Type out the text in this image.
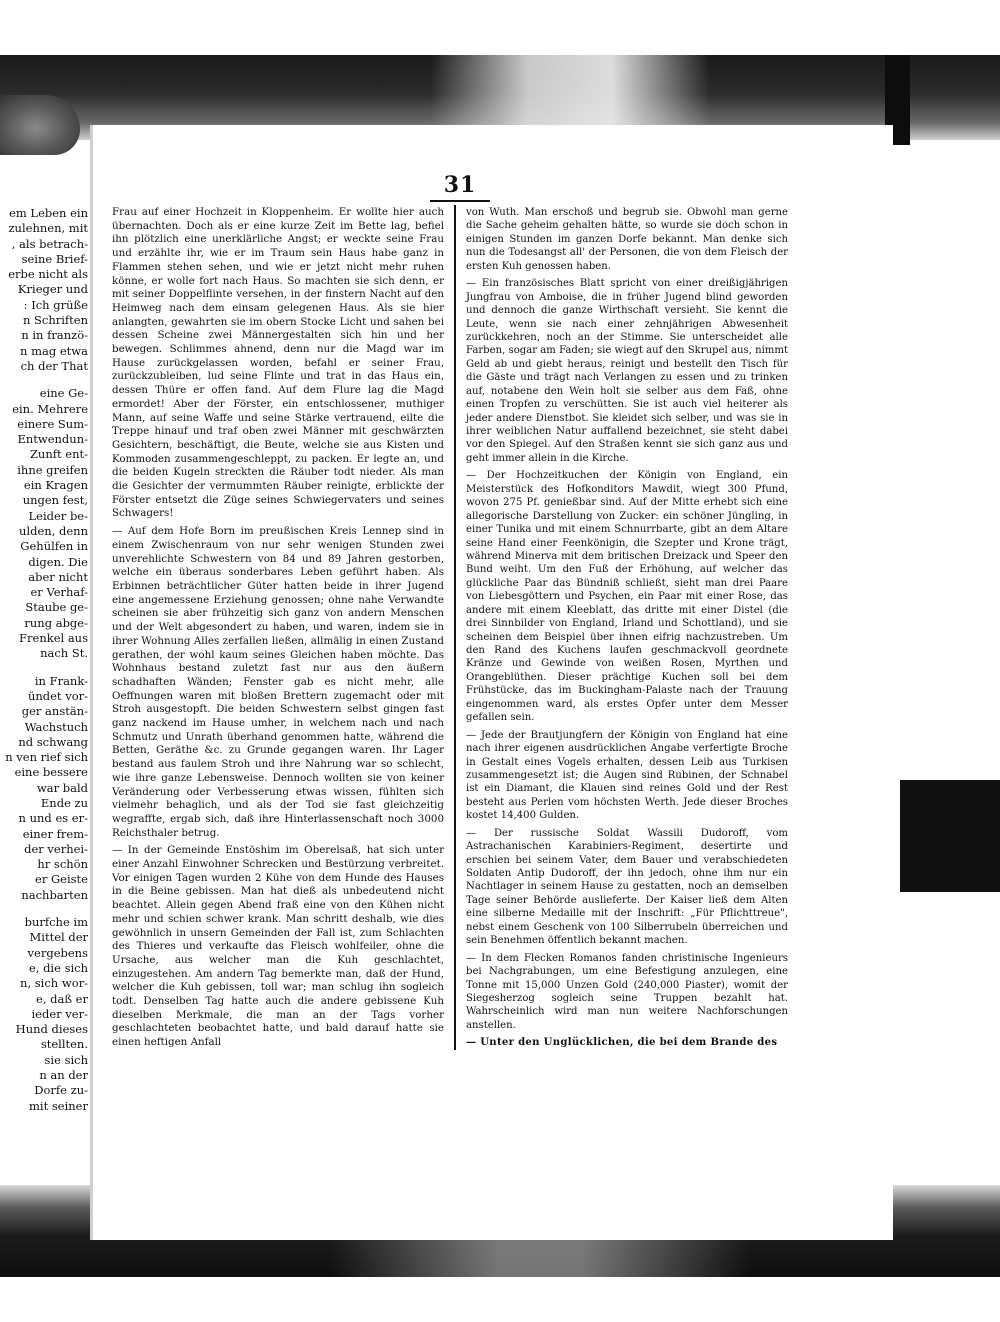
em Leben ein
zulehnen, mit
, als betrach-
seine Brief-
erbe nicht als
Krieger und
: Ich grüße
n Schriften
n in franzö-
n mag etwa
ch der That
eine Ge-
ein. Mehrere
einere Sum-
Entwendun-
Zunft ent-
ihne greifen
ein Kragen
ungen fest,
Leider be-
ulden, denn
Gehülfen in
digen. Die
aber nicht
er Verhaf-
Staube ge-
rung abge-
Frenkel aus
nach St.
in Frank-
ündet vor-
ger anstän-
Wachstuch
nd schwang
n ven rief sich
eine bessere
war bald
Ende zu
n und es er-
einer frem-
der verhei-
hr schön
er Geiste
nachbarten
burfche im
Mittel der
vergebens
e, die sich
n, sich wor-
e, daß er
ieder ver-
Hund dieses
stellten.
sie sich
n an der
Dorfe zu-
mit seiner
31

Frau auf einer Hochzeit in Kloppenheim. Er wollte hier auch übernachten. Doch als er eine kurze Zeit im Bette lag, befiel ihn plötzlich eine unerklärliche Angst; er weckte seine Frau und erzählte ihr, wie er im Traum sein Haus habe ganz in Flammen stehen sehen, und wie er jetzt nicht mehr ruhen könne, er wolle fort nach Haus. So machten sie sich denn, er mit seiner Doppelflinte versehen, in der finstern Nacht auf den Heimweg nach dem einsam gelegenen Haus. Als sie hier anlangten, gewahrten sie im obern Stocke Licht und sahen bei dessen Scheine zwei Männergestalten sich hin und her bewegen. Schlimmes ahnend, denn nur die Magd war im Hause zurückgelassen worden, befahl er seiner Frau, zurückzubleiben, lud seine Flinte und trat in das Haus ein, dessen Thüre er offen fand. Auf dem Flure lag die Magd ermordet! Aber der Förster, ein entschlossener, muthiger Mann, auf seine Waffe und seine Stärke vertrauend, eilte die Treppe hinauf und traf oben zwei Männer mit geschwärzten Gesichtern, beschäftigt, die Beute, welche sie aus Kisten und Kommoden zusammengeschleppt, zu packen. Er legte an, und die beiden Kugeln streckten die Räuber todt nieder. Als man die Gesichter der vermummten Räuber reinigte, erblickte der Förster entsetzt die Züge seines Schwiegervaters und seines Schwagers!

— Auf dem Hofe Born im preußischen Kreis Lennep sind in einem Zwischenraum von nur sehr wenigen Stunden zwei unverehlichte Schwestern von 84 und 89 Jahren gestorben, welche ein überaus sonderbares Leben geführt haben. Als Erbinnen beträchtlicher Güter hatten beide in ihrer Jugend eine angemessene Erziehung genossen; ohne nahe Verwandte scheinen sie aber frühzeitig sich ganz von andern Menschen und der Welt abgesondert zu haben, und waren, indem sie in ihrer Wohnung Alles zerfallen ließen, allmälig in einen Zustand gerathen, der wohl kaum seines Gleichen haben möchte. Das Wohnhaus bestand zuletzt fast nur aus den äußern schadhaften Wänden; Fenster gab es nicht mehr, alle Oeffnungen waren mit bloßen Brettern zugemacht oder mit Stroh ausgestopft. Die beiden Schwestern selbst gingen fast ganz nackend im Hause umher, in welchem nach und nach Schmutz und Unrath überhand genommen hatte, während die Betten, Geräthe &c. zu Grunde gegangen waren. Ihr Lager bestand aus faulem Stroh und ihre Nahrung war so schlecht, wie ihre ganze Lebensweise. Dennoch wollten sie von keiner Veränderung oder Verbesserung etwas wissen, fühlten sich vielmehr behaglich, und als der Tod sie fast gleichzeitig wegraffte, ergab sich, daß ihre Hinterlassenschaft noch 3000 Reichsthaler betrug.

— In der Gemeinde Enstöshim im Oberelsaß, hat sich unter einer Anzahl Einwohner Schrecken und Bestürzung verbreitet. Vor einigen Tagen wurden 2 Kühe von dem Hunde des Hauses in die Beine gebissen. Man hat dieß als unbedeutend nicht beachtet. Allein gegen Abend fraß eine von den Kühen nicht mehr und schien schwer krank. Man schritt deshalb, wie dies gewöhnlich in unsern Gemeinden der Fall ist, zum Schlachten des Thieres und verkaufte das Fleisch wohlfeiler, ohne die Ursache, aus welcher man die Kuh geschlachtet, einzugestehen. Am andern Tag bemerkte man, daß der Hund, welcher die Kuh gebissen, toll war; man schlug ihn sogleich todt. Denselben Tag hatte auch die andere gebissene Kuh dieselben Merkmale, die man an der Tags vorher geschlachteten beobachtet hatte, und bald darauf hatte sie einen heftigen Anfall

von Wuth. Man erschoß und begrub sie. Obwohl man gerne die Sache geheim gehalten hätte, so wurde sie doch schon in einigen Stunden im ganzen Dorfe bekannt. Man denke sich nun die Todesangst all' der Personen, die von dem Fleisch der ersten Kuh genossen haben.

— Ein französisches Blatt spricht von einer dreißigjährigen Jungfrau von Amboise, die in früher Jugend blind geworden und dennoch die ganze Wirthschaft versieht. Sie kennt die Leute, wenn sie nach einer zehnjährigen Abwesenheit zurückkehren, noch an der Stimme. Sie unterscheidet alle Farben, sogar am Faden; sie wiegt auf den Skrupel aus, nimmt Geld ab und giebt heraus, reinigt und bestellt den Tisch für die Gäste und trägt nach Verlangen zu essen und zu trinken auf, notabene den Wein holt sie selber aus dem Faß, ohne einen Tropfen zu verschütten. Sie ist auch viel heiterer als jeder andere Dienstbot. Sie kleidet sich selber, und was sie in ihrer weiblichen Natur auffallend bezeichnet, sie steht dabei vor den Spiegel. Auf den Straßen kennt sie sich ganz aus und geht immer allein in die Kirche.

— Der Hochzeitkuchen der Königin von England, ein Meisterstück des Hofkonditors Mawdit, wiegt 300 Pfund, wovon 275 Pf. genießbar sind. Auf der Mitte erhebt sich eine allegorische Darstellung von Zucker: ein schöner Jüngling, in einer Tunika und mit einem Schnurrbarte, gibt an dem Altare seine Hand einer Feenkönigin, die Szepter und Krone trägt, während Minerva mit dem britischen Dreizack und Speer den Bund weiht. Um den Fuß der Erhöhung, auf welcher das glückliche Paar das Bündniß schließt, sieht man drei Paare von Liebesgöttern und Psychen, ein Paar mit einer Rose, das andere mit einem Kleeblatt, das dritte mit einer Distel (die drei Sinnbilder von England, Irland und Schottland), und sie scheinen dem Beispiel über ihnen eifrig nachzustreben. Um den Rand des Kuchens laufen geschmackvoll geordnete Kränze und Gewinde von weißen Rosen, Myrthen und Orangeblüthen. Dieser prächtige Kuchen soll bei dem Frühstücke, das im Buckingham-Palaste nach der Trauung eingenommen ward, als erstes Opfer unter dem Messer gefallen sein.

— Jede der Brautjungfern der Königin von England hat eine nach ihrer eigenen ausdrücklichen Angabe verfertigte Broche in Gestalt eines Vogels erhalten, dessen Leib aus Turkisen zusammengesetzt ist; die Augen sind Rubinen, der Schnabel ist ein Diamant, die Klauen sind reines Gold und der Rest besteht aus Perlen vom höchsten Werth. Jede dieser Broches kostet 14,400 Gulden.

— Der russische Soldat Wassili Dudoroff, vom Astrachanischen Karabiniers-Regiment, desertirte und erschien bei seinem Vater, dem Bauer und verabschiedeten Soldaten Antip Dudoroff, der ihn jedoch, ohne ihm nur ein Nachtlager in seinem Hause zu gestatten, noch an demselben Tage seiner Behörde auslieferte. Der Kaiser ließ dem Alten eine silberne Medaille mit der Inschrift: „Für Pflichttreue", nebst einem Geschenk von 100 Silberrubeln überreichen und sein Benehmen öffentlich bekannt machen.

— In dem Flecken Romanos fanden christinische Ingenieurs bei Nachgrabungen, um eine Befestigung anzulegen, eine Tonne mit 15,000 Unzen Gold (240,000 Piaster), womit der Siegesherzog sogleich seine Truppen bezahlt hat. Wahrscheinlich wird man nun weitere Nachforschungen anstellen.

— Unter den Unglücklichen, die bei dem Brande des
